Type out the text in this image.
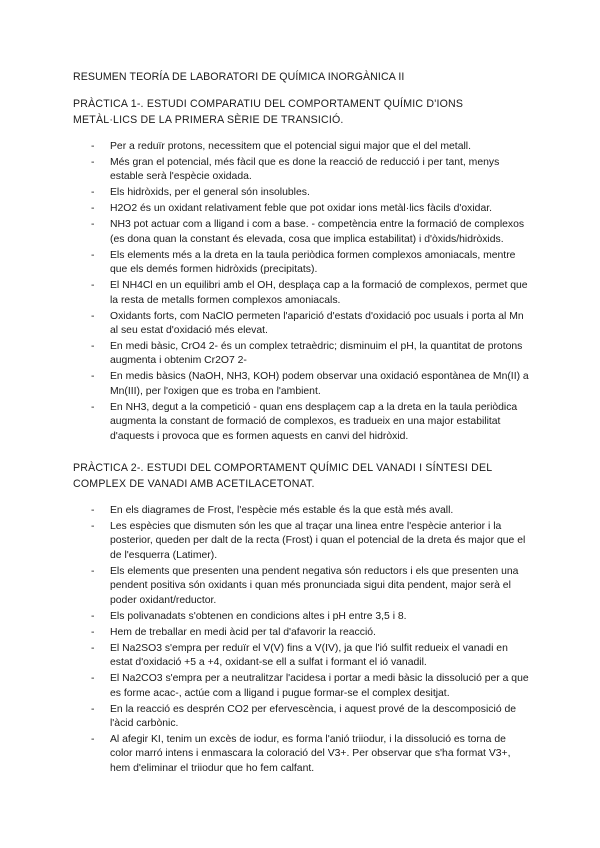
RESUMEN TEORÍA DE LABORATORI DE QUÍMICA INORGÀNICA II
PRÀCTICA 1-. ESTUDI COMPARATIU DEL COMPORTAMENT QUÍMIC D'IONS METÀL·LICS DE LA PRIMERA SÈRIE DE TRANSICIÓ.
- Per a reduïr protons, necessitem que el potencial sigui major que el del metall.
- Més gran el potencial, més fàcil que es done la reacció de reducció i per tant, menys estable serà l'espècie oxidada.
- Els hidròxids, per el general són insolubles.
- H2O2 és un oxidant relativament feble que pot oxidar ions metàl·lics fàcils d'oxidar.
- NH3 pot actuar com a lligand i com a base. - competència entre la formació de complexos (es dona quan la constant és elevada, cosa que implica estabilitat) i d'òxids/hidròxids.
- Els elements més a la dreta en la taula periòdica formen complexos amoniacals, mentre que els demés formen hidròxids (precipitats).
- El NH4Cl en un equilibri amb el OH, desplaça cap a la formació de complexos, permet que la resta de metalls formen complexos amoniacals.
- Oxidants forts, com NaClO permeten l'aparició d'estats d'oxidació poc usuals i porta al Mn al seu estat d'oxidació més elevat.
- En medi bàsic, CrO4 2- és un complex tetraèdric; disminuim el pH, la quantitat de protons augmenta i obtenim Cr2O7 2-
- En medis bàsics (NaOH, NH3, KOH) podem observar una oxidació espontànea de Mn(II) a Mn(III), per l'oxigen que es troba en l'ambient.
- En NH3, degut a la competició - quan ens desplaçem cap a la dreta en la taula periòdica augmenta la constant de formació de complexos, es tradueix en una major estabilitat d'aquests i provoca que es formen aquests en canvi del hidròxid.
PRÀCTICA 2-. ESTUDI DEL COMPORTAMENT QUÍMIC DEL VANADI I SÍNTESI DEL COMPLEX DE VANADI AMB ACETILACETONAT.
- En els diagrames de Frost, l'espècie més estable és la que està més avall.
- Les espècies que dismuten són les que al traçar una linea entre l'espècie anterior i la posterior, queden per dalt de la recta (Frost) i quan el potencial de la dreta és major que el de l'esquerra (Latimer).
- Els elements que presenten una pendent negativa són reductors i els que presenten una pendent positiva són oxidants i quan més pronunciada sigui dita pendent, major serà el poder oxidant/reductor.
- Els polivanadats s'obtenen en condicions altes i pH entre 3,5 i 8.
- Hem de treballar en medi àcid per tal d'afavorir la reacció.
- El Na2SO3 s'empra per reduïr el V(V) fins a V(IV), ja que l'ió sulfit redueix el vanadi en estat d'oxidació +5 a +4, oxidant-se ell a sulfat i formant el ió vanadil.
- El Na2CO3 s'empra per a neutralitzar l'acidesa i portar a medi bàsic la dissolució per a que es forme acac-, actúe com a lligand i pugue formar-se el complex desitjat.
- En la reacció es desprén CO2 per efervescència, i aquest prové de la descomposició de l'àcid carbònic.
- Al afegir KI, tenim un excès de iodur, es forma l'anió triiodur, i la dissolució es torna de color marró intens i enmascara la coloració del V3+. Per observar que s'ha format V3+, hem d'eliminar el triiodur que ho fem calfant.
